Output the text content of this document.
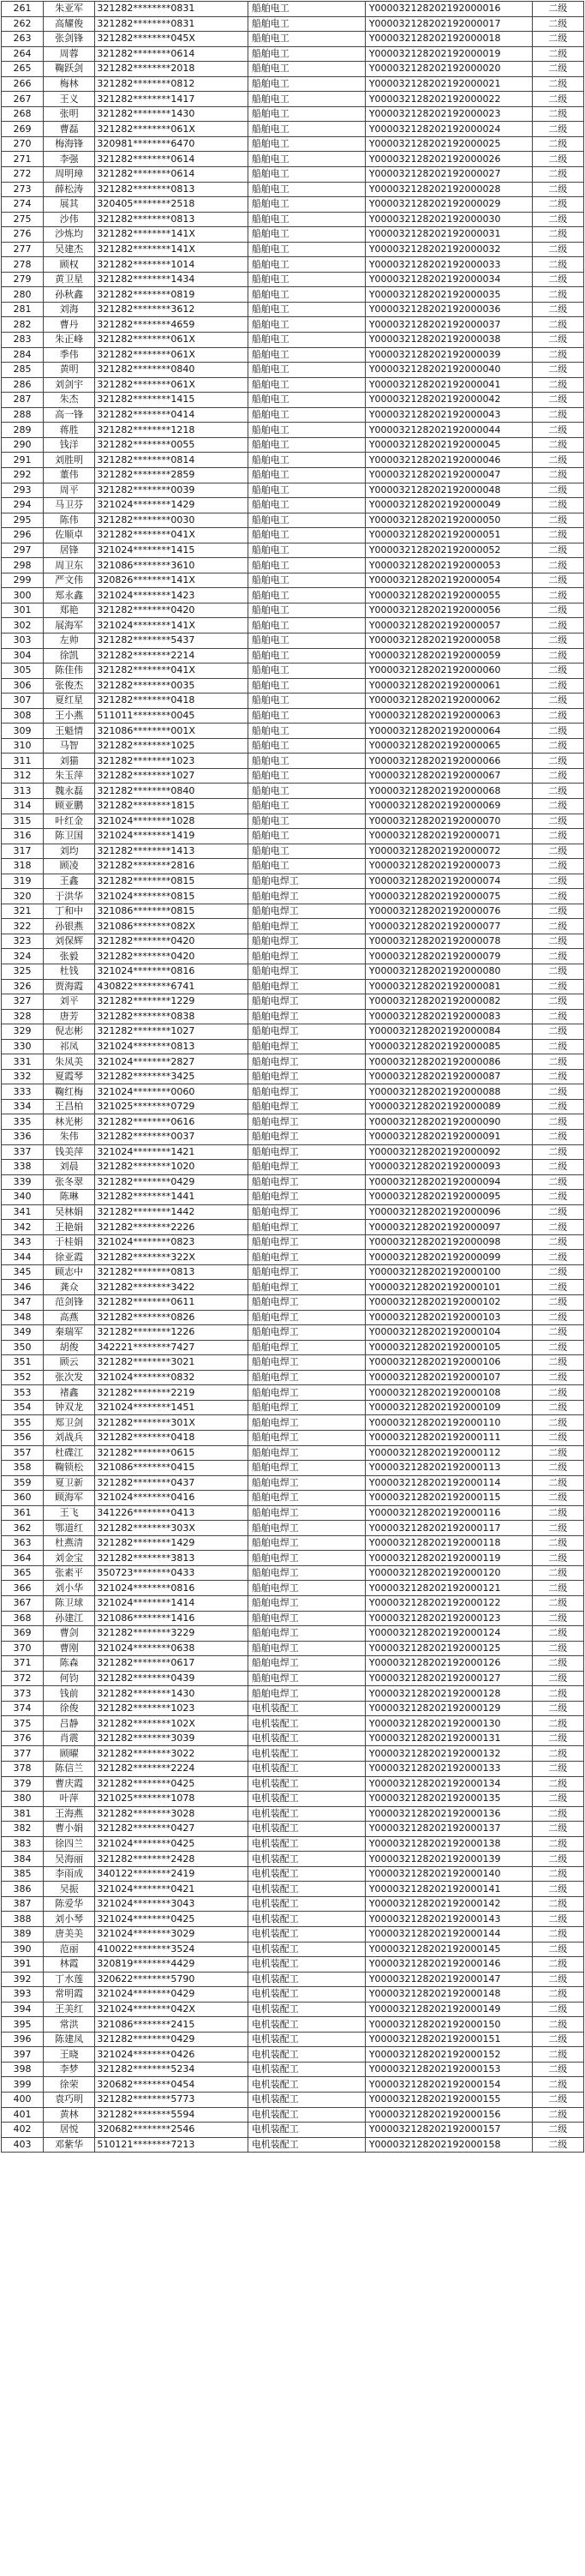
261	朱亚军	321282********0831	船舶电工	Y000032128202192000016	二级
262	高耀俊	321282********0831	船舶电工	Y000032128202192000017	二级
263	张剑锋	321282********045X	船舶电工	Y000032128202192000018	二级
264	周蓉	321282********0614	船舶电工	Y000032128202192000019	二级
265	鞠跃剑	321282********2018	船舶电工	Y000032128202192000020	二级
266	梅林	321282********0812	船舶电工	Y000032128202192000021	二级
267	王义	321282********1417	船舶电工	Y000032128202192000022	二级
268	张明	321282********1430	船舶电工	Y000032128202192000023	二级
269	曹磊	321282********061X	船舶电工	Y000032128202192000024	二级
270	梅海锋	320981********6470	船舶电工	Y000032128202192000025	二级
271	李强	321282********0614	船舶电工	Y000032128202192000026	二级
272	周明璋	321282********0614	船舶电工	Y000032128202192000027	二级
273	薛松涛	321282********0813	船舶电工	Y000032128202192000028	二级
274	展其	320405********2518	船舶电工	Y000032128202192000029	二级
275	沙伟	321282********0813	船舶电工	Y000032128202192000030	二级
276	沙炼均	321282********141X	船舶电工	Y000032128202192000031	二级
277	吴建杰	321282********141X	船舶电工	Y000032128202192000032	二级
278	顾权	321282********1014	船舶电工	Y000032128202192000033	二级
279	黄卫星	321282********1434	船舶电工	Y000032128202192000034	二级
280	孙秋鑫	321282********0819	船舶电工	Y000032128202192000035	二级
281	刘海	321282********3612	船舶电工	Y000032128202192000036	二级
282	曹丹	321282********4659	船舶电工	Y000032128202192000037	二级
283	朱正峰	321282********061X	船舶电工	Y000032128202192000038	二级
284	季伟	321282********061X	船舶电工	Y000032128202192000039	二级
285	黄明	321282********0840	船舶电工	Y000032128202192000040	二级
286	刘剑宇	321282********061X	船舶电工	Y000032128202192000041	二级
287	朱杰	321282********1415	船舶电工	Y000032128202192000042	二级
288	高一锋	321282********0414	船舶电工	Y000032128202192000043	二级
289	蒋胜	321282********1218	船舶电工	Y000032128202192000044	二级
290	钱洋	321282********0055	船舶电工	Y000032128202192000045	二级
291	刘胜明	321282********0814	船舶电工	Y000032128202192000046	二级
292	董伟	321282********2859	船舶电工	Y000032128202192000047	二级
293	周平	321282********0039	船舶电工	Y000032128202192000048	二级
294	马卫芬	321024********1429	船舶电工	Y000032128202192000049	二级
295	陈伟	321282********0030	船舶电工	Y000032128202192000050	二级
296	佐顺卓	321282********041X	船舶电工	Y000032128202192000051	二级
297	居锋	321024********1415	船舶电工	Y000032128202192000052	二级
298	周卫东	321086********3610	船舶电工	Y000032128202192000053	二级
299	严文伟	320826********141X	船舶电工	Y000032128202192000054	二级
300	郑永鑫	321024********1423	船舶电工	Y000032128202192000055	二级
301	郑艳	321282********0420	船舶电工	Y000032128202192000056	二级
302	展海军	321024********141X	船舶电工	Y000032128202192000057	二级
303	左帅	321282********5437	船舶电工	Y000032128202192000058	二级
304	徐凯	321282********2214	船舶电工	Y000032128202192000059	二级
305	陈佳伟	321282********041X	船舶电工	Y000032128202192000060	二级
306	张俊杰	321282********0035	船舶电工	Y000032128202192000061	二级
307	夏红星	321282********0418	船舶电工	Y000032128202192000062	二级
308	王小燕	511011********0045	船舶电工	Y000032128202192000063	二级
309	王魁情	321086********001X	船舶电工	Y000032128202192000064	二级
310	马智	321282********1025	船舶电工	Y000032128202192000065	二级
311	刘猫	321282********1023	船舶电工	Y000032128202192000066	二级
312	朱玉萍	321282********1027	船舶电工	Y000032128202192000067	二级
313	魏永磊	321282********0840	船舶电工	Y000032128202192000068	二级
314	顾亚鹏	321282********1815	船舶电工	Y000032128202192000069	二级
315	叶红金	321024********1028	船舶电工	Y000032128202192000070	二级
316	陈卫国	321024********1419	船舶电工	Y000032128202192000071	二级
317	刘均	321282********1413	船舶电工	Y000032128202192000072	二级
318	顾凌	321282********2816	船舶电工	Y000032128202192000073	二级
319	王鑫	321282********0815	船舶电焊工	Y000032128202192000074	二级
320	于洪华	321024********0815	船舶电焊工	Y000032128202192000075	二级
321	丁和中	321086********0815	船舶电焊工	Y000032128202192000076	二级
322	孙银燕	321086********082X	船舶电焊工	Y000032128202192000077	二级
323	刘保辉	321282********0420	船舶电焊工	Y000032128202192000078	二级
324	张毅	321282********0420	船舶电焊工	Y000032128202192000079	二级
325	杜钱	321024********0816	船舶电焊工	Y000032128202192000080	二级
326	贾海霞	430822********6741	船舶电焊工	Y000032128202192000081	二级
327	刘平	321282********1229	船舶电焊工	Y000032128202192000082	二级
328	唐芳	321282********0838	船舶电焊工	Y000032128202192000083	二级
329	倪志彬	321282********1027	船舶电焊工	Y000032128202192000084	二级
330	祁凤	321024********0813	船舶电焊工	Y000032128202192000085	二级
331	朱凤美	321024********2827	船舶电焊工	Y000032128202192000086	二级
332	夏霞琴	321282********3425	船舶电焊工	Y000032128202192000087	二级
333	鞠红梅	321024********0060	船舶电焊工	Y000032128202192000088	二级
334	王昌柏	321025********0729	船舶电焊工	Y000032128202192000089	二级
335	林光彬	321282********0616	船舶电焊工	Y000032128202192000090	二级
336	朱伟	321282********0037	船舶电焊工	Y000032128202192000091	二级
337	钱美萍	321024********1421	船舶电焊工	Y000032128202192000092	二级
338	刘晨	321282********1020	船舶电焊工	Y000032128202192000093	二级
339	张冬翠	321282********0429	船舶电焊工	Y000032128202192000094	二级
340	陈琳	321282********1441	船舶电焊工	Y000032128202192000095	二级
341	吴林娟	321282********1442	船舶电焊工	Y000032128202192000096	二级
342	王艳娟	321282********2226	船舶电焊工	Y000032128202192000097	二级
343	于桂娟	321024********0823	船舶电焊工	Y000032128202192000098	二级
344	徐亚霞	321282********322X	船舶电焊工	Y000032128202192000099	二级
345	顾志中	321282********0813	船舶电焊工	Y000032128202192000100	二级
346	龚众	321282********3422	船舶电焊工	Y000032128202192000101	二级
347	范剑锋	321282********0611	船舶电焊工	Y000032128202192000102	二级
348	高燕	321282********0826	船舶电焊工	Y000032128202192000103	二级
349	秦瑞军	321282********1226	船舶电焊工	Y000032128202192000104	二级
350	胡俊	342221********7427	船舶电焊工	Y000032128202192000105	二级
351	顾云	321282********3021	船舶电焊工	Y000032128202192000106	二级
352	张次发	321024********0832	船舶电焊工	Y000032128202192000107	二级
353	褚鑫	321282********2219	船舶电焊工	Y000032128202192000108	二级
354	钟双龙	321024********1451	船舶电焊工	Y000032128202192000109	二级
355	郑卫剑	321282********301X	船舶电焊工	Y000032128202192000110	二级
356	刘战兵	321282********0418	船舶电焊工	Y000032128202192000111	二级
357	杜碟江	321282********0615	船舶电焊工	Y000032128202192000112	二级
358	鞠锁松	321086********0415	船舶电焊工	Y000032128202192000113	二级
359	夏卫新	321282********0437	船舶电焊工	Y000032128202192000114	二级
360	顾海军	321024********0416	船舶电焊工	Y000032128202192000115	二级
361	王飞	341226********0413	船舶电焊工	Y000032128202192000116	二级
362	鄂道红	321282********303X	船舶电焊工	Y000032128202192000117	二级
363	杜燕清	321282********1429	船舶电焊工	Y000032128202192000118	二级
364	刘金宝	321282********3813	船舶电焊工	Y000032128202192000119	二级
365	张素平	350723********0433	船舶电焊工	Y000032128202192000120	二级
366	刘小华	321024********0816	船舶电焊工	Y000032128202192000121	二级
367	陈卫球	321024********1414	船舶电焊工	Y000032128202192000122	二级
368	孙建江	321086********1416	船舶电焊工	Y000032128202192000123	二级
369	曹剑	321282********3229	船舶电焊工	Y000032128202192000124	二级
370	曹刚	321024********0638	船舶电焊工	Y000032128202192000125	二级
371	陈森	321282********0617	船舶电焊工	Y000032128202192000126	二级
372	何钧	321282********0439	船舶电焊工	Y000032128202192000127	二级
373	钱前	321282********1430	船舶电焊工	Y000032128202192000128	二级
374	徐俊	321282********1023	电机装配工	Y000032128202192000129	二级
375	吕静	321282********102X	电机装配工	Y000032128202192000130	二级
376	肖震	321282********3039	电机装配工	Y000032128202192000131	二级
377	顾曜	321282********3022	电机装配工	Y000032128202192000132	二级
378	陈信兰	321282********2224	电机装配工	Y000032128202192000133	二级
379	曹庆霞	321282********0425	电机装配工	Y000032128202192000134	二级
380	叶萍	321025********1078	电机装配工	Y000032128202192000135	二级
381	王海燕	321282********3028	电机装配工	Y000032128202192000136	二级
382	曹小娟	321282********0427	电机装配工	Y000032128202192000137	二级
383	徐四兰	321024********0425	电机装配工	Y000032128202192000138	二级
384	吴海丽	321282********2428	电机装配工	Y000032128202192000139	二级
385	李雨成	340122********2419	电机装配工	Y000032128202192000140	二级
386	吴振	321024********0421	电机装配工	Y000032128202192000141	二级
387	陈爱华	321024********3043	电机装配工	Y000032128202192000142	二级
388	刘小琴	321024********0425	电机装配工	Y000032128202192000143	二级
389	唐美美	321024********3029	电机装配工	Y000032128202192000144	二级
390	范丽	410022********3524	电机装配工	Y000032128202192000145	二级
391	林霞	320819********4429	电机装配工	Y000032128202192000146	二级
392	丁水莲	320622********5790	电机装配工	Y000032128202192000147	二级
393	常明霞	321024********0429	电机装配工	Y000032128202192000148	二级
394	王美红	321024********042X	电机装配工	Y000032128202192000149	二级
395	常洪	321086********2415	电机装配工	Y000032128202192000150	二级
396	陈建凤	321282********0429	电机装配工	Y000032128202192000151	二级
397	王晓	321024********0426	电机装配工	Y000032128202192000152	二级
398	李梦	321282********5234	电机装配工	Y000032128202192000153	二级
399	徐荣	320682********0454	电机装配工	Y000032128202192000154	二级
400	袁巧明	321282********5773	电机装配工	Y000032128202192000155	二级
401	黄林	321282********5594	电机装配工	Y000032128202192000156	二级
402	居悦	320682********2546	电机装配工	Y000032128202192000157	二级
403	邓紫华	510121********7213	电机装配工	Y000032128202192000158	二级
